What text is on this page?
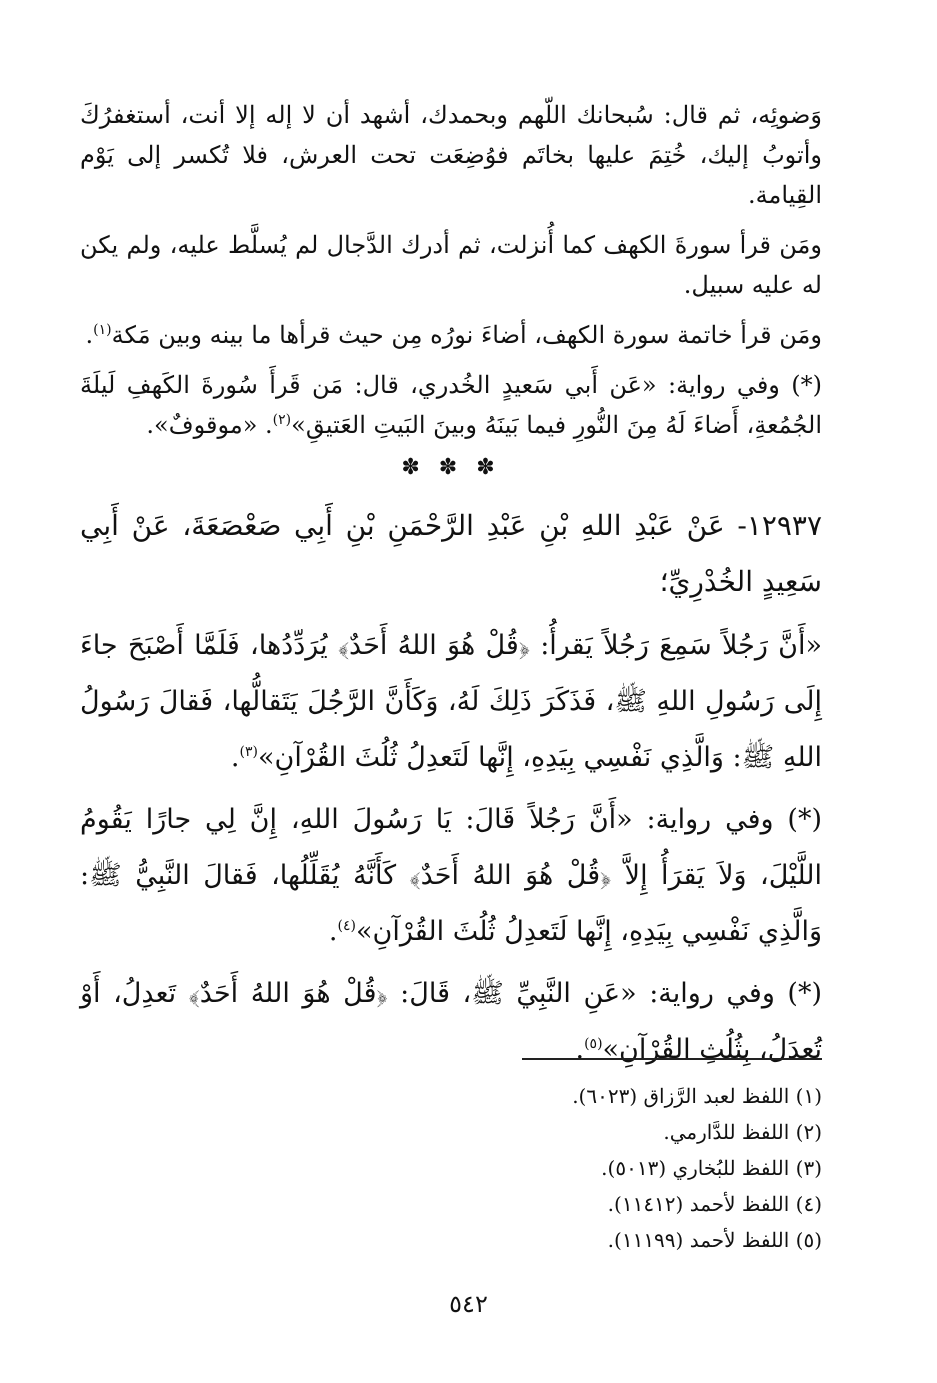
وَضوئِه، ثم قال: سُبحانك اللّهم وبحمدك، أشهد أن لا إله إلا أنت، أستغفرُكَ وأتوبُ إليك، خُتِمَ عليها بخاتَم فوُضِعَت تحت العرش، فلا تُكسر إلى يَوْم القِيامة.

ومَن قرأ سورةَ الكهف كما أُنزلت، ثم أدرك الدَّجال لم يُسلَّط عليه، ولم يكن له عليه سبيل.

ومَن قرأ خاتمة سورة الكهف، أضاءَ نورُه مِن حيث قرأها ما بينه وبين مَكة$^{(١)}$.

(*) وفي رواية: «عَن أَبي سَعيدٍ الخُدري، قال: مَن قَرأَ سُورةَ الكَهفِ لَيلَةَ الجُمُعةِ، أَضاءَ لَهُ مِنَ النُّورِ فيما بَينَهُ وبينَ البَيتِ العَتيقِ»$^{(٢)}$. «موقوفٌ».

✽ ✽ ✽

١٢٩٣٧- عَنْ عَبْدِ اللهِ بْنِ عَبْدِ الرَّحْمَنِ بْنِ أَبِي صَعْصَعَةَ، عَنْ أَبِي سَعِيدٍ الخُدْرِيِّ؛

«أَنَّ رَجُلاً سَمِعَ رَجُلاً يَقرأُ: ﴿قُلْ هُوَ اللهُ أَحَدٌ﴾ يُرَدِّدُها، فَلَمَّا أَصْبَحَ جاءَ إِلَى رَسُولِ اللهِ ﷺ، فَذَكَرَ ذَلِكَ لَهُ، وَكَأَنَّ الرَّجُلَ يَتَقالُّها، فَقالَ رَسُولُ اللهِ ﷺ: وَالَّذِي نَفْسِي بِيَدِهِ، إِنَّها لَتَعدِلُ ثُلُثَ القُرْآنِ»$^{(٣)}$.

(*) وفي رواية: «أَنَّ رَجُلاً قَالَ: يَا رَسُولَ اللهِ، إِنَّ لِي جارًا يَقُومُ اللَّيْلَ، وَلاَ يَقرَأُ إِلاَّ ﴿قُلْ هُوَ اللهُ أَحَدٌ﴾ كَأَنَّهُ يُقَلِّلُها، فَقالَ النَّبِيُّ ﷺ: وَالَّذِي نَفْسِي بِيَدِهِ، إِنَّها لَتَعدِلُ ثُلُثَ القُرْآنِ»$^{(٤)}$.

(*) وفي رواية: «عَنِ النَّبِيِّ ﷺ، قَالَ: ﴿قُلْ هُوَ اللهُ أَحَدٌ﴾ تَعدِلُ، أَوْ تُعدَلُ، بِثُلُثِ القُرْآنِ»$^{(٥)}$.

(١) اللفظ لعبد الرَّزاق (٦٠٢٣).
(٢) اللفظ للدَّارمي.
(٣) اللفظ للبُخاري (٥٠١٣).
(٤) اللفظ لأحمد (١١٤١٢).
(٥) اللفظ لأحمد (١١١٩٩).
٥٤٢
